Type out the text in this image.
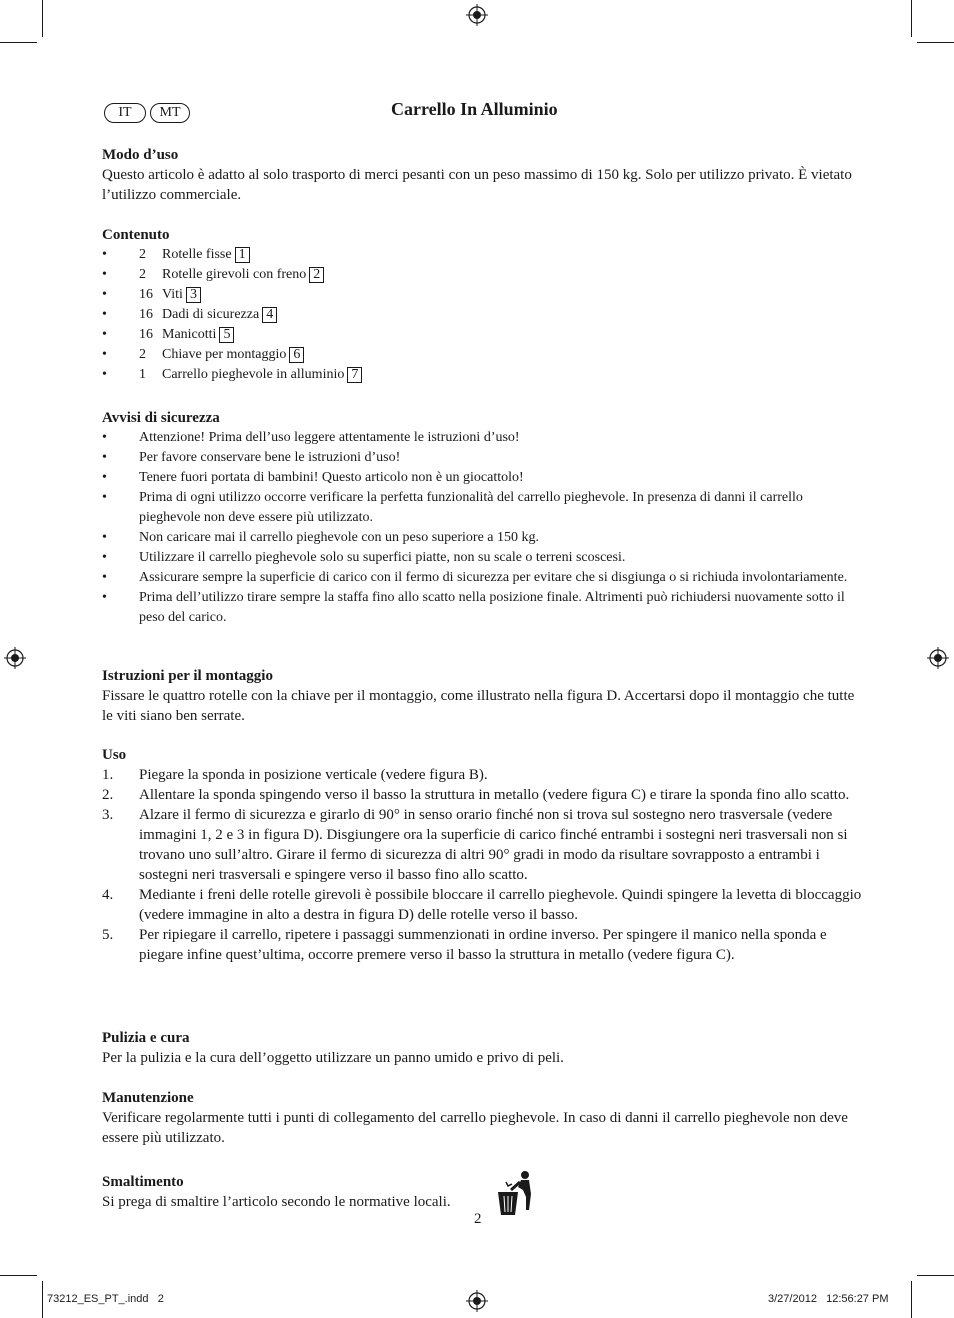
IT	MT	Carrello In Alluminio

Modo d’uso

Questo articolo è adatto al solo trasporto di merci pesanti con un peso massimo di 150 kg. Solo per utilizzo privato. È vietato l’utilizzo commerciale.

Contenuto

• 2 Rotelle fisse 1
• 2 Rotelle girevoli con freno 2
• 16 Viti 3
• 16 Dadi di sicurezza 4
• 16 Manicotti 5
• 2 Chiave per montaggio 6
• 1 Carrello pieghevole in alluminio 7

Avvisi di sicurezza

• Attenzione! Prima dell’uso leggere attentamente le istruzioni d’uso!
• Per favore conservare bene le istruzioni d’uso!
• Tenere fuori portata di bambini! Questo articolo non è un giocattolo!
• Prima di ogni utilizzo occorre verificare la perfetta funzionalità del carrello pieghevole. In presenza di danni il carrello pieghevole non deve essere più utilizzato.
• Non caricare mai il carrello pieghevole con un peso superiore a 150 kg.
• Utilizzare il carrello pieghevole solo su superfici piatte, non su scale o terreni scoscesi.
• Assicurare sempre la superficie di carico con il fermo di sicurezza per evitare che si disgiunga o si richiuda involontariamente.
• Prima dell’utilizzo tirare sempre la staffa fino allo scatto nella posizione finale. Altrimenti può richiudersi nuovamente sotto il peso del carico.

Istruzioni per il montaggio

Fissare le quattro rotelle con la chiave per il montaggio, come illustrato nella figura D. Accertarsi dopo il montaggio che tutte le viti siano ben serrate.

Uso

1. Piegare la sponda in posizione verticale (vedere figura B).
2. Allentare la sponda spingendo verso il basso la struttura in metallo (vedere figura C) e tirare la sponda fino allo scatto.
3. Alzare il fermo di sicurezza e girarlo di 90° in senso orario finché non si trova sul sostegno nero trasversale (vedere immagini 1, 2 e 3 in figura D). Disgiungere ora la superficie di carico finché entrambi i sostegni neri trasversali non si trovano uno sull’altro. Girare il fermo di sicurezza di altri 90° gradi in modo da risultare sovrapposto a entrambi i sostegni neri trasversali e spingere verso il basso fino allo scatto.
4. Mediante i freni delle rotelle girevoli è possibile bloccare il carrello pieghevole. Quindi spingere la levetta di bloccaggio (vedere immagine in alto a destra in figura D) delle rotelle verso il basso.
5. Per ripiegare il carrello, ripetere i passaggi summenzionati in ordine inverso. Per spingere il manico nella sponda e piegare infine quest’ultima, occorre premere verso il basso la struttura in metallo (vedere figura C).

Pulizia e cura

Per la pulizia e la cura dell’oggetto utilizzare un panno umido e privo di peli.

Manutenzione

Verificare regolarmente tutti i punti di collegamento del carrello pieghevole. In caso di danni il carrello pieghevole non deve essere più utilizzato.

Smaltimento

Si prega di smaltire l’articolo secondo le normative locali.

2
73212_ES_PT_.indd   2	3/27/2012   12:56:27 PM
